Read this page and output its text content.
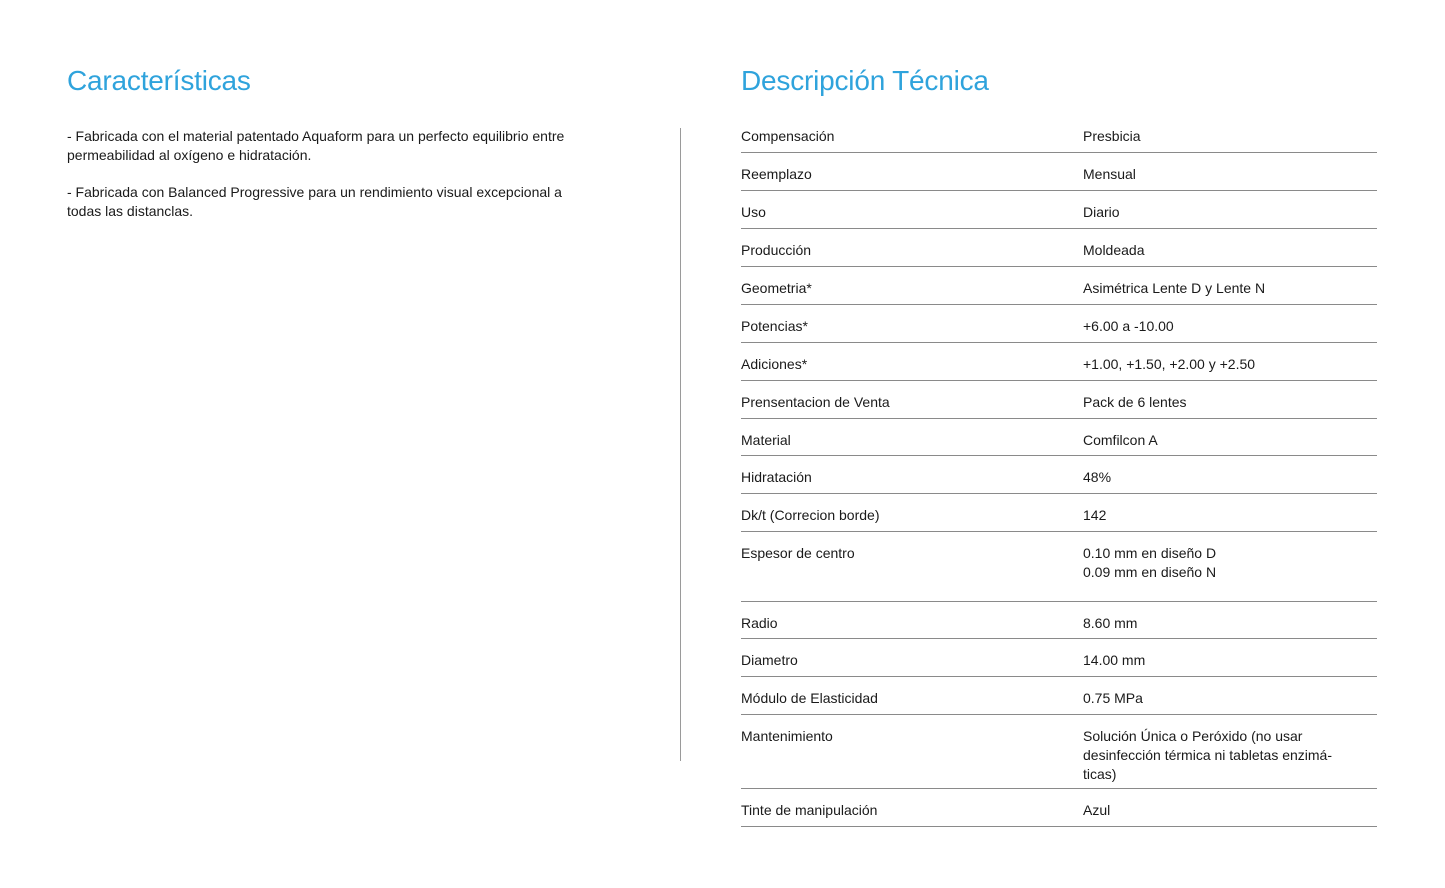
Características

- Fabricada con el material patentado Aquaform para un perfecto equilibrio entre permeabilidad al oxígeno e hidratación.

- Fabricada con Balanced Progressive para un rendimiento visual excepcional a todas las distanclas.

Descripción Técnica
Compensación	Presbicia
Reemplazo	Mensual
Uso	Diario
Producción	Moldeada
Geometria*	Asimétrica Lente D y Lente N
Potencias*	+6.00 a -10.00
Adiciones*	+1.00, +1.50, +2.00 y +2.50
Prensentacion de Venta	Pack de 6 lentes
Material	Comfilcon A
Hidratación	48%
Dk/t (Correcion borde)	142
Espesor de centro	0.10 mm en diseño D
0.09 mm en diseño N
Radio	8.60 mm
Diametro	14.00 mm
Módulo de Elasticidad	0.75 MPa
Mantenimiento	Solución Única o Peróxido (no usar desinfección térmica ni tabletas enzimá-
ticas)
Tinte de manipulación	Azul
